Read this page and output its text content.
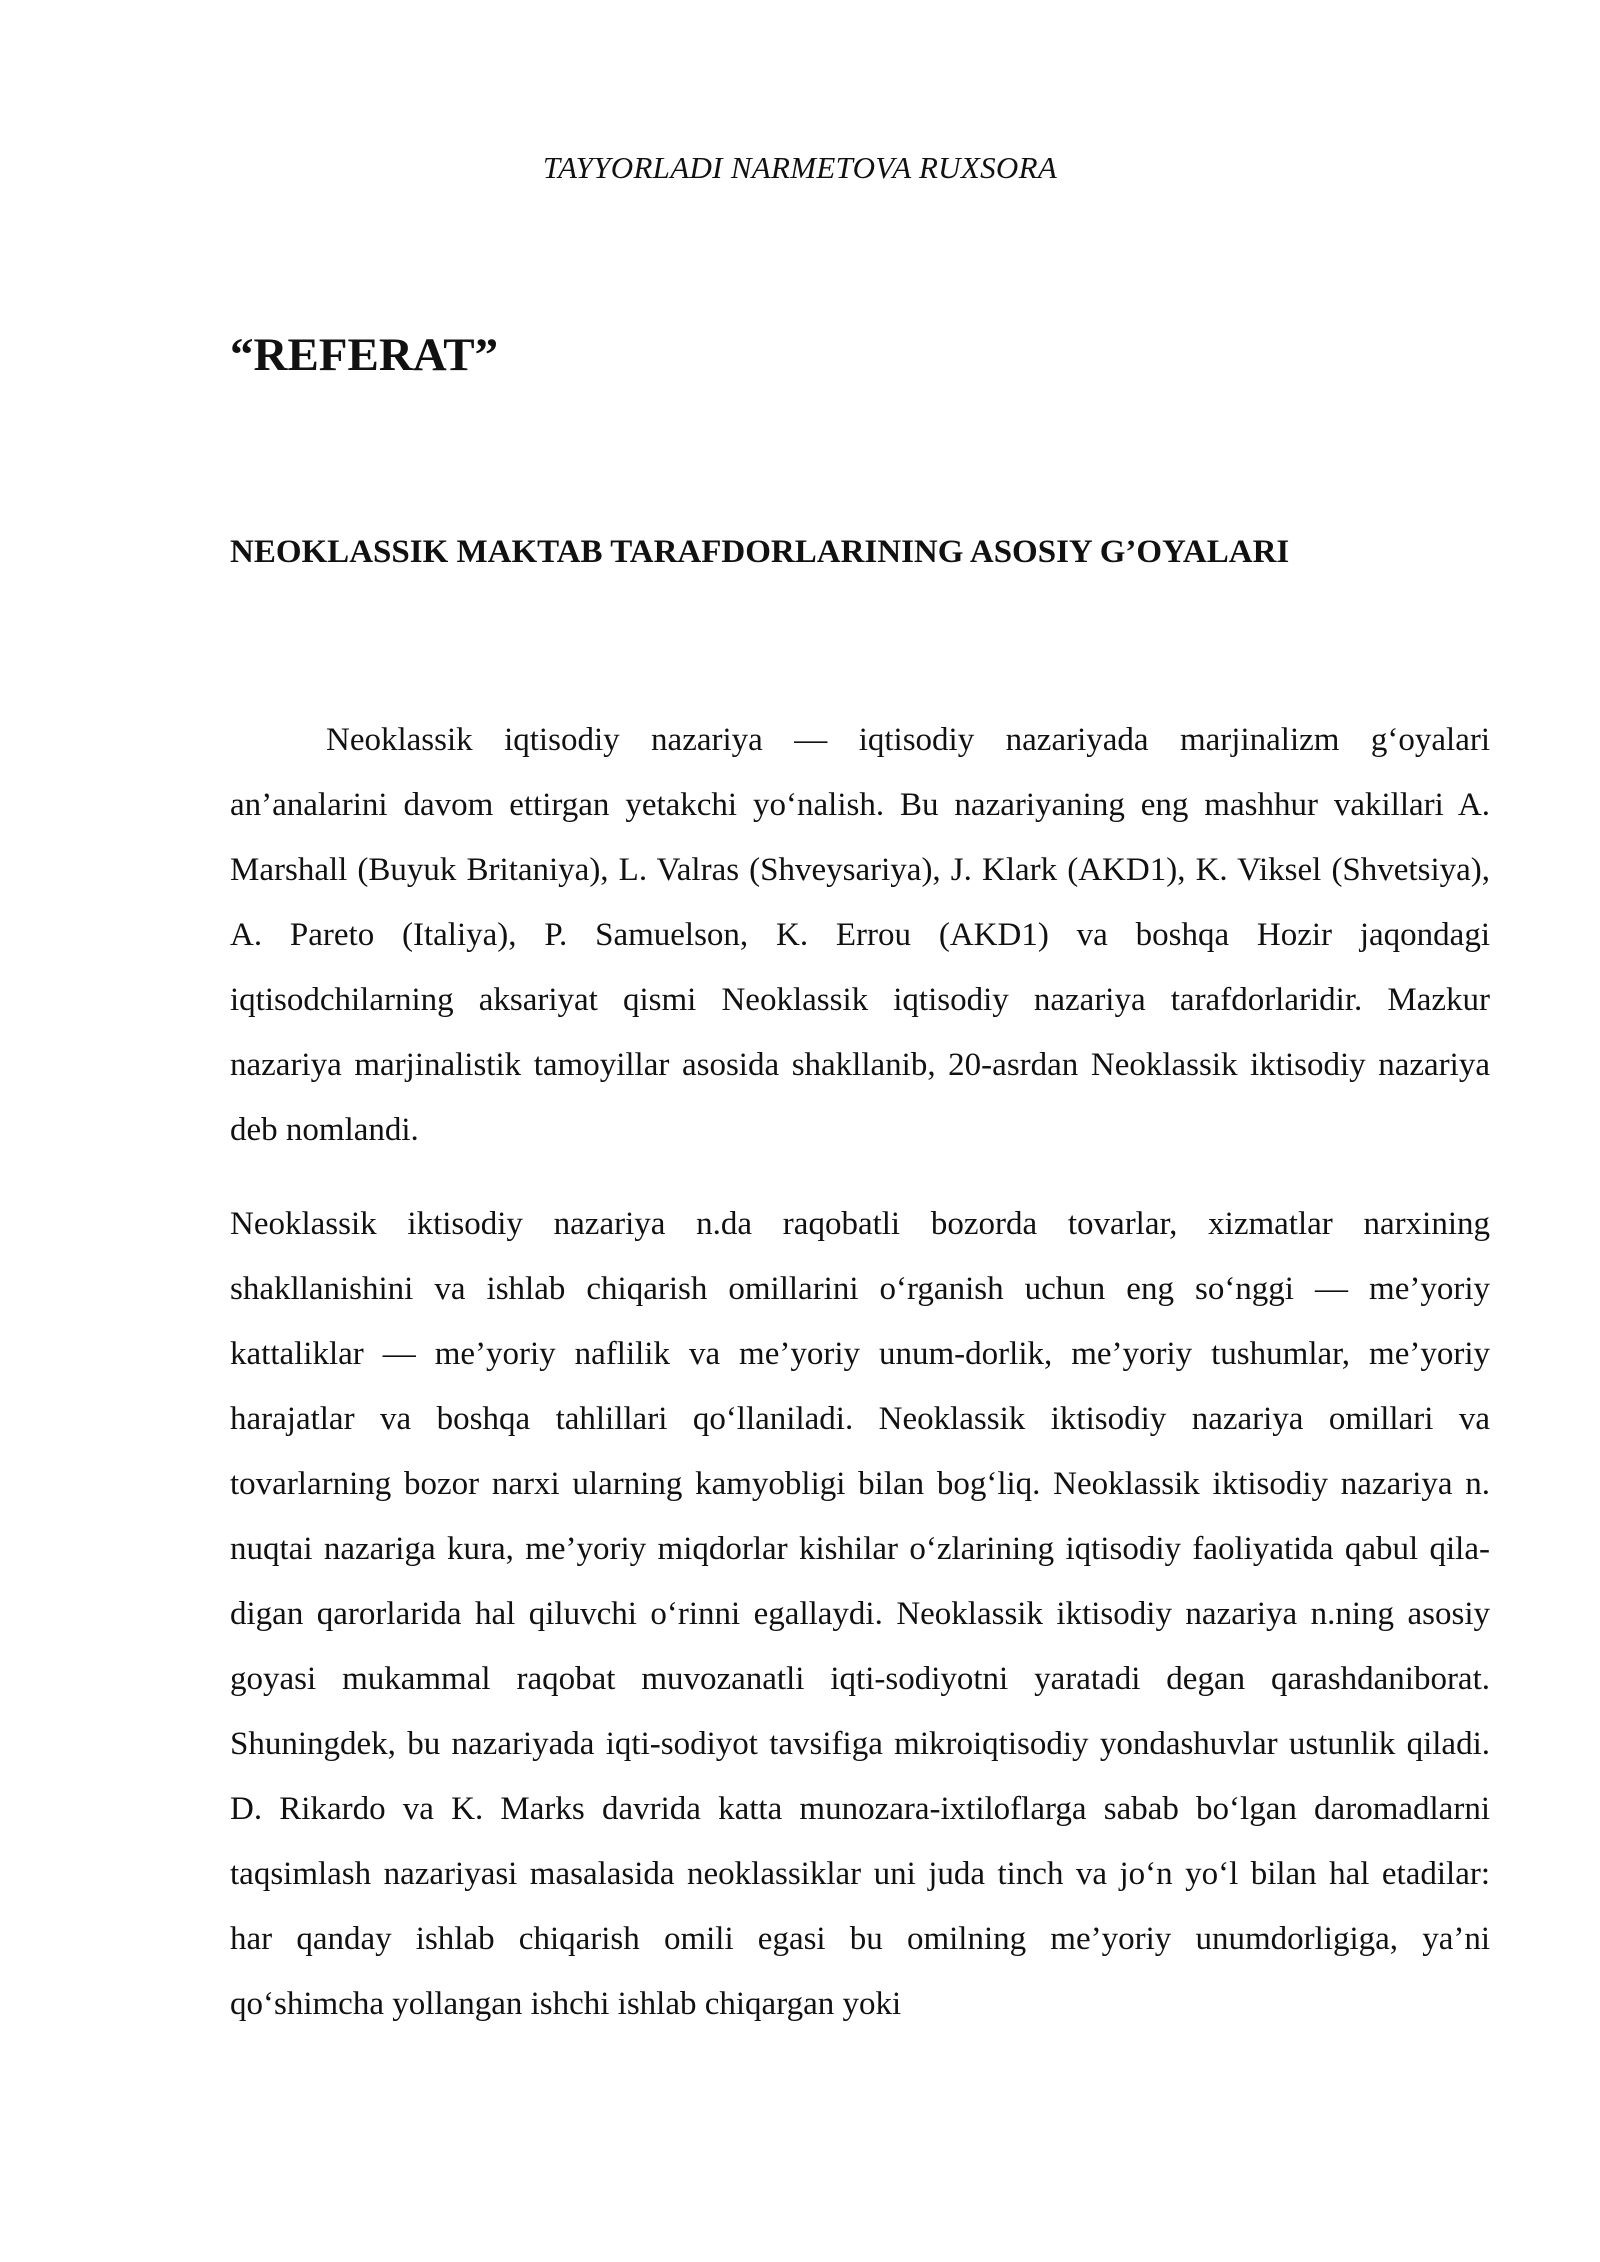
TAYYORLADI NARMETOVA RUXSORA
“REFERAT”
NEOKLASSIK MAKTAB TARAFDORLARINING ASOSIY G’OYALARI

Neoklassik iqtisodiy nazariya — iqtisodiy nazariyada marjinalizm g‘oyalari an’analarini davom ettirgan yetakchi yo‘nalish. Bu nazariyaning eng mashhur vakillari A. Marshall (Buyuk Britaniya), L. Valras (Shveysariya), J. Klark (AKD1), K. Viksel (Shvetsiya), A. Pareto (Italiya), P. Samuelson, K. Errou (AKD1) va boshqa Hozir jaqondagi iqtisodchilarning aksariyat qismi Neoklassik iqtisodiy nazariya tarafdorlaridir. Mazkur nazariya marjinalistik tamoyillar asosida shakllanib, 20-asrdan Neoklassik iktisodiy nazariya deb nomlandi.

Neoklassik iktisodiy nazariya n.da raqobatli bozorda tovarlar, xizmatlar narxining shakllanishini va ishlab chiqarish omillarini o‘rganish uchun eng so‘nggi — me’yoriy kattaliklar — me’yoriy naflilik va me’yoriy unum-dorlik, me’yoriy tushumlar, me’yoriy harajatlar va boshqa tahlillari qo‘llaniladi. Neoklassik iktisodiy nazariya omillari va tovarlarning bozor narxi ularning kamyobligi bilan bog‘liq. Neoklassik iktisodiy nazariya n. nuqtai nazariga kura, me’yoriy miqdorlar kishilar o‘zlarining iqtisodiy faoliyatida qabul qila-digan qarorlarida hal qiluvchi o‘rinni egallaydi. Neoklassik iktisodiy nazariya n.ning asosiy goyasi mukammal raqobat muvozanatli iqti-sodiyotni yaratadi degan qarashdaniborat. Shuningdek, bu nazariyada iqti-sodiyot tavsifiga mikroiqtisodiy yondashuvlar ustunlik qiladi. D. Rikardo va K. Marks davrida katta munozara-ixtiloflarga sabab bo‘lgan daromadlarni taqsimlash nazariyasi masalasida neoklassiklar uni juda tinch va jo‘n yo‘l bilan hal etadilar: har qanday ishlab chiqarish omili egasi bu omilning me’yoriy unumdorligiga, ya’ni qo‘shimcha yollangan ishchi ishlab chiqargan yoki
